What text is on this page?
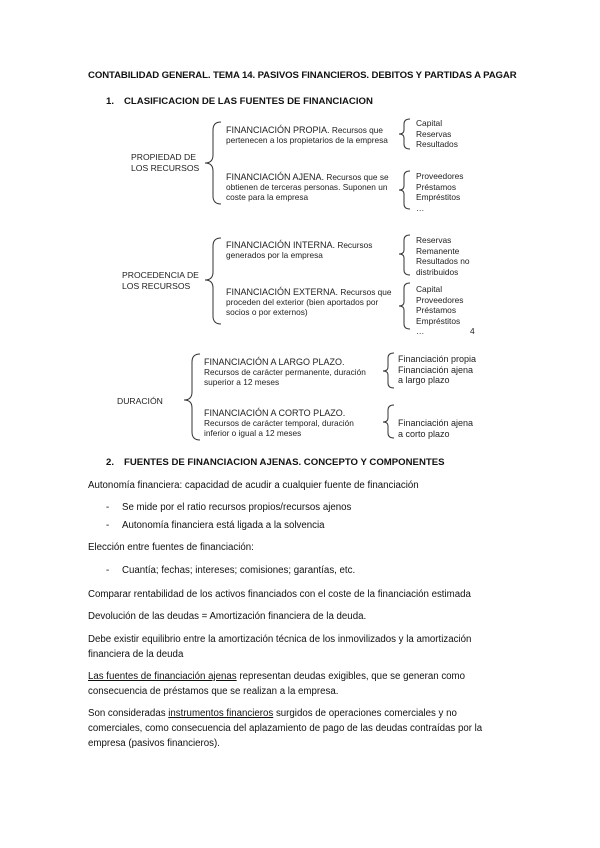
CONTABILIDAD GENERAL. TEMA 14. PASIVOS FINANCIEROS. DEBITOS Y PARTIDAS A PAGAR
1. CLASIFICACION DE LAS FUENTES DE FINANCIACION
PROPIEDAD DE LOS RECURSOS
FINANCIACIÓN PROPIA. Recursos que pertenecen a los propietarios de la empresa
Capital
Reservas
Resultados
FINANCIACIÓN AJENA. Recursos que se obtienen de terceras personas. Suponen un coste para la empresa
Proveedores
Préstamos
Empréstitos
…
PROCEDENCIA DE LOS RECURSOS
FINANCIACIÓN INTERNA. Recursos generados por la empresa
Reservas
Remanente
Resultados no
distribuidos
FINANCIACIÓN EXTERNA. Recursos que proceden del exterior (bien aportados por socios o por externos)
Capital
Proveedores
Préstamos
Empréstitos
…	4
DURACIÓN
FINANCIACIÓN A LARGO PLAZO. Recursos de carácter permanente, duración superior a 12 meses
Financiación propia
Financiación ajena
a largo plazo
FINANCIACIÓN A CORTO PLAZO. Recursos de carácter temporal, duración inferior o igual a 12 meses
Financiación ajena
a corto plazo
2. FUENTES DE FINANCIACION AJENAS. CONCEPTO Y COMPONENTES
Autonomía financiera: capacidad de acudir a cualquier fuente de financiación
- Se mide por el ratio recursos propios/recursos ajenos
- Autonomía financiera está ligada a la solvencia
Elección entre fuentes de financiación:
- Cuantía; fechas; intereses; comisiones; garantías, etc.
Comparar rentabilidad de los activos financiados con el coste de la financiación estimada
Devolución de las deudas = Amortización financiera de la deuda.
Debe existir equilibrio entre la amortización técnica de los inmovilizados y la amortización financiera de la deuda
Las fuentes de financiación ajenas representan deudas exigibles, que se generan como consecuencia de préstamos que se realizan a la empresa.
Son consideradas instrumentos financieros surgidos de operaciones comerciales y no comerciales, como consecuencia del aplazamiento de pago de las deudas contraídas por la empresa (pasivos financieros).
